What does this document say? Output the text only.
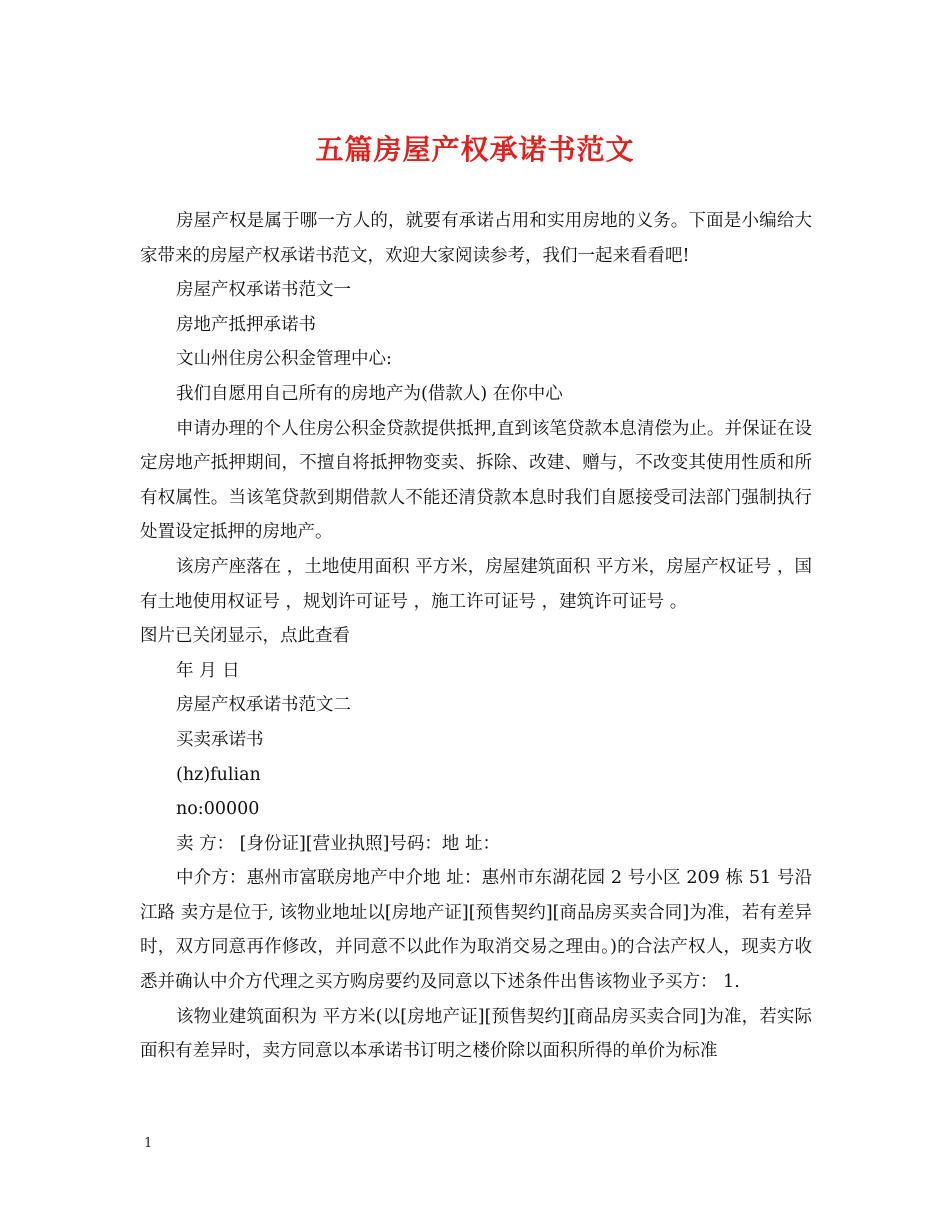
五篇房屋产权承诺书范文

房屋产权是属于哪一方人的，就要有承诺占用和实用房地的义务。下面是小编给大家带来的房屋产权承诺书范文，欢迎大家阅读参考，我们一起来看看吧!

房屋产权承诺书范文一

房地产抵押承诺书

文山州住房公积金管理中心:

我们自愿用自己所有的房地产为(借款人) 在你中心

申请办理的个人住房公积金贷款提供抵押,直到该笔贷款本息清偿为止。并保证在设定房地产抵押期间，不擅自将抵押物变卖、拆除、改建、赠与，不改变其使用性质和所有权属性。当该笔贷款到期借款人不能还清贷款本息时我们自愿接受司法部门强制执行处置设定抵押的房地产。

该房产座落在 ，土地使用面积 平方米，房屋建筑面积 平方米，房屋产权证号 ，国有土地使用权证号 ，规划许可证号 ，施工许可证号 ，建筑许可证号 。

图片已关闭显示，点此查看

年 月 日

房屋产权承诺书范文二

买卖承诺书

(hz)fulian

no:00000

卖 方： [身份证][营业执照]号码：地 址：

中介方：惠州市富联房地产中介地 址：惠州市东湖花园 2 号小区 209 栋 51 号沿江路 卖方是位于, 该物业地址以[房地产证][预售契约][商品房买卖合同]为准，若有差异时，双方同意再作修改，并同意不以此作为取消交易之理由。)的合法产权人，现卖方收悉并确认中介方代理之买方购房要约及同意以下述条件出售该物业予买方： 1.

该物业建筑面积为 平方米(以[房地产证][预售契约][商品房买卖合同]为准，若实际面积有差异时，卖方同意以本承诺书订明之楼价除以面积所得的单价为标准

1
